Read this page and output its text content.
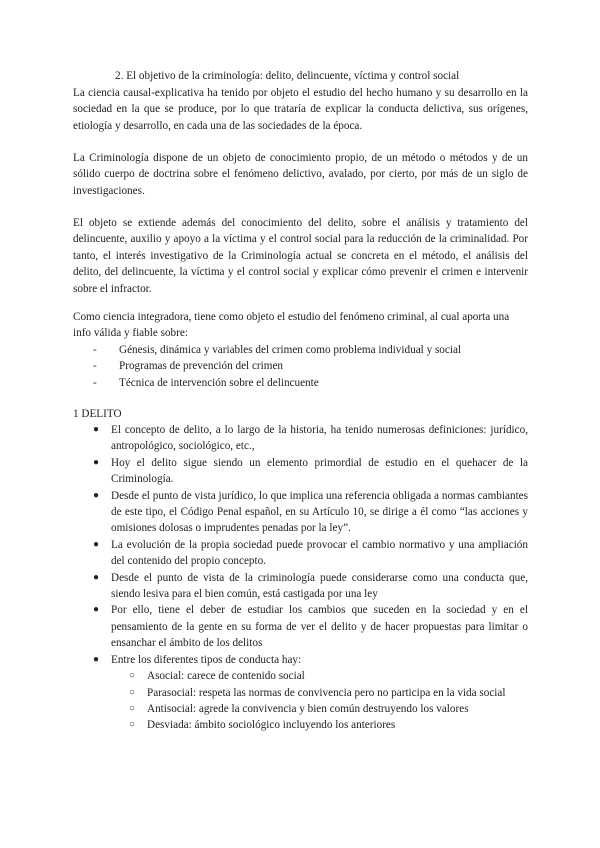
2. El objetivo de la criminología: delito, delincuente, víctima y control social

La ciencia causal-explicativa ha tenido por objeto el estudio del hecho humano y su desarrollo en la sociedad en la que se produce, por lo que trataría de explicar la conducta delictiva, sus orígenes, etiología y desarrollo, en cada una de las sociedades de la época.

La Criminología dispone de un objeto de conocimiento propio, de un método o métodos y de un sólido cuerpo de doctrina sobre el fenómeno delictivo, avalado, por cierto, por más de un siglo de investigaciones.

El objeto se extiende además del conocimiento del delito, sobre el análisis y tratamiento del delincuente, auxilio y apoyo a la víctima y el control social para la reducción de la criminalidad. Por tanto, el interés investigativo de la Criminología actual se concreta en el método, el análisis del delito, del delincuente, la víctima y el control social y explicar cómo prevenir el crimen e intervenir sobre el infractor.

Como ciencia integradora, tiene como objeto el estudio del fenómeno criminal, al cual aporta una info válida y fiable sobre:

- Génesis, dinámica y variables del crimen como problema individual y social
- Programas de prevención del crimen
- Técnica de intervención sobre el delincuente

1 DELITO

● El concepto de delito, a lo largo de la historia, ha tenido numerosas definiciones: jurídico, antropológico, sociológico, etc.,
● Hoy el delito sigue siendo un elemento primordial de estudio en el quehacer de la Criminología.
● Desde el punto de vista jurídico, lo que implica una referencia obligada a normas cambiantes de este tipo, el Código Penal español, en su Artículo 10, se dirige a él como “las acciones y omisiones dolosas o imprudentes penadas por la ley”.
● La evolución de la propia sociedad puede provocar el cambio normativo y una ampliación del contenido del propio concepto.
● Desde el punto de vista de la criminología puede considerarse como una conducta que, siendo lesiva para el bien común, está castigada por una ley
● Por ello, tiene el deber de estudiar los cambios que suceden en la sociedad y en el pensamiento de la gente en su forma de ver el delito y de hacer propuestas para limitar o ensanchar el ámbito de los delitos
● Entre los diferentes tipos de conducta hay:
○ Asocial: carece de contenido social
○ Parasocial: respeta las normas de convivencia pero no participa en la vida social
○ Antisocial: agrede la convivencia y bien común destruyendo los valores
○ Desviada: ámbito sociológico incluyendo los anteriores
